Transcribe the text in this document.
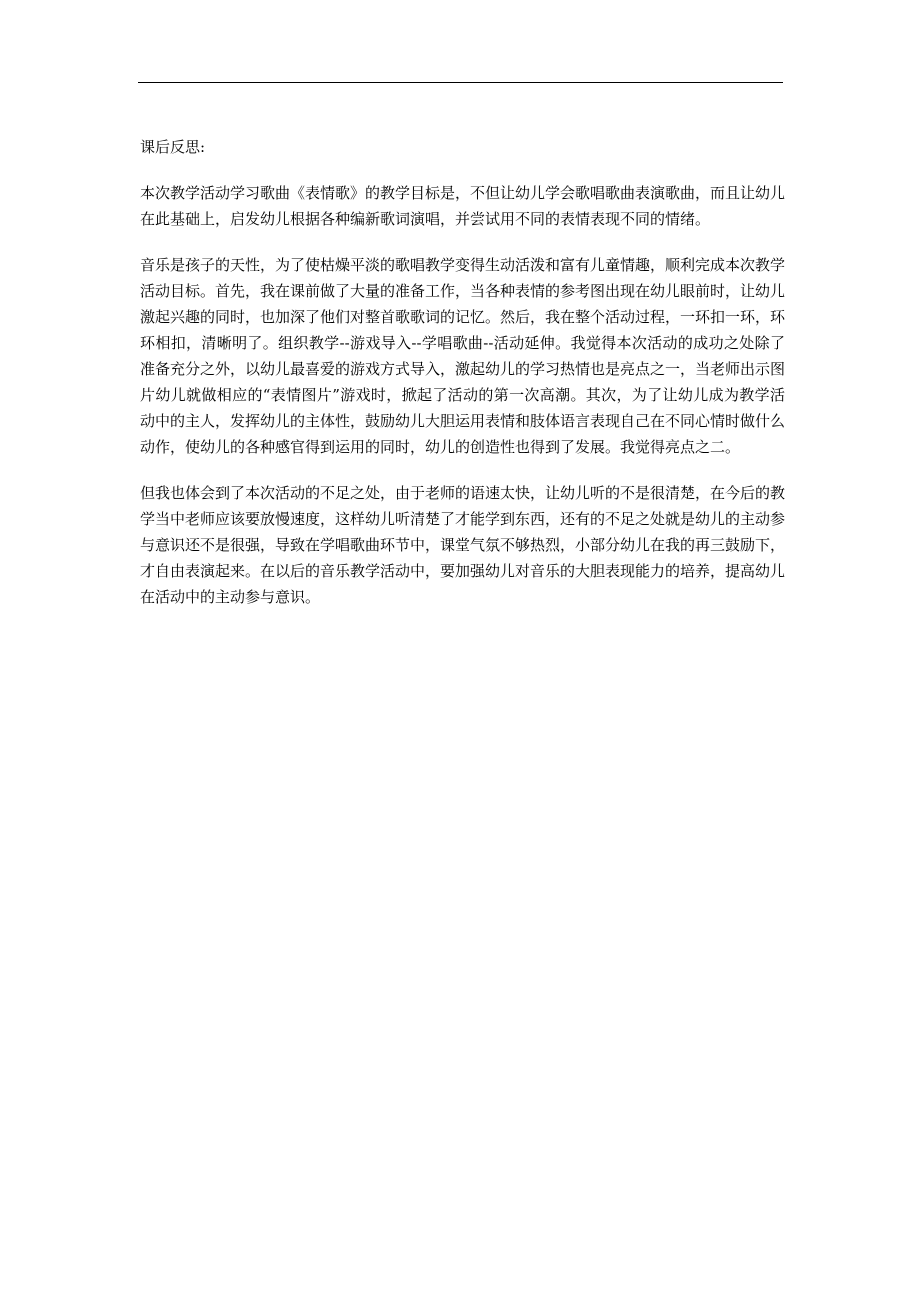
课后反思:

本次教学活动学习歌曲《表情歌》的教学目标是，不但让幼儿学会歌唱歌曲表演歌曲，而且让幼儿在此基础上，启发幼儿根据各种编新歌词演唱，并尝试用不同的表情表现不同的情绪。

音乐是孩子的天性，为了使枯燥平淡的歌唱教学变得生动活泼和富有儿童情趣，顺利完成本次教学活动目标。首先，我在课前做了大量的准备工作，当各种表情的参考图出现在幼儿眼前时，让幼儿激起兴趣的同时，也加深了他们对整首歌歌词的记忆。然后，我在整个活动过程，一环扣一环，环环相扣，清晰明了。组织教学--游戏导入--学唱歌曲--活动延伸。我觉得本次活动的成功之处除了准备充分之外，以幼儿最喜爱的游戏方式导入，激起幼儿的学习热情也是亮点之一，当老师出示图片幼儿就做相应的“表情图片”游戏时，掀起了活动的第一次高潮。其次，为了让幼儿成为教学活动中的主人，发挥幼儿的主体性，鼓励幼儿大胆运用表情和肢体语言表现自己在不同心情时做什么动作，使幼儿的各种感官得到运用的同时，幼儿的创造性也得到了发展。我觉得亮点之二。

但我也体会到了本次活动的不足之处，由于老师的语速太快，让幼儿听的不是很清楚，在今后的教学当中老师应该要放慢速度，这样幼儿听清楚了才能学到东西，还有的不足之处就是幼儿的主动参与意识还不是很强，导致在学唱歌曲环节中，课堂气氛不够热烈，小部分幼儿在我的再三鼓励下，才自由表演起来。在以后的音乐教学活动中，要加强幼儿对音乐的大胆表现能力的培养，提高幼儿在活动中的主动参与意识。
